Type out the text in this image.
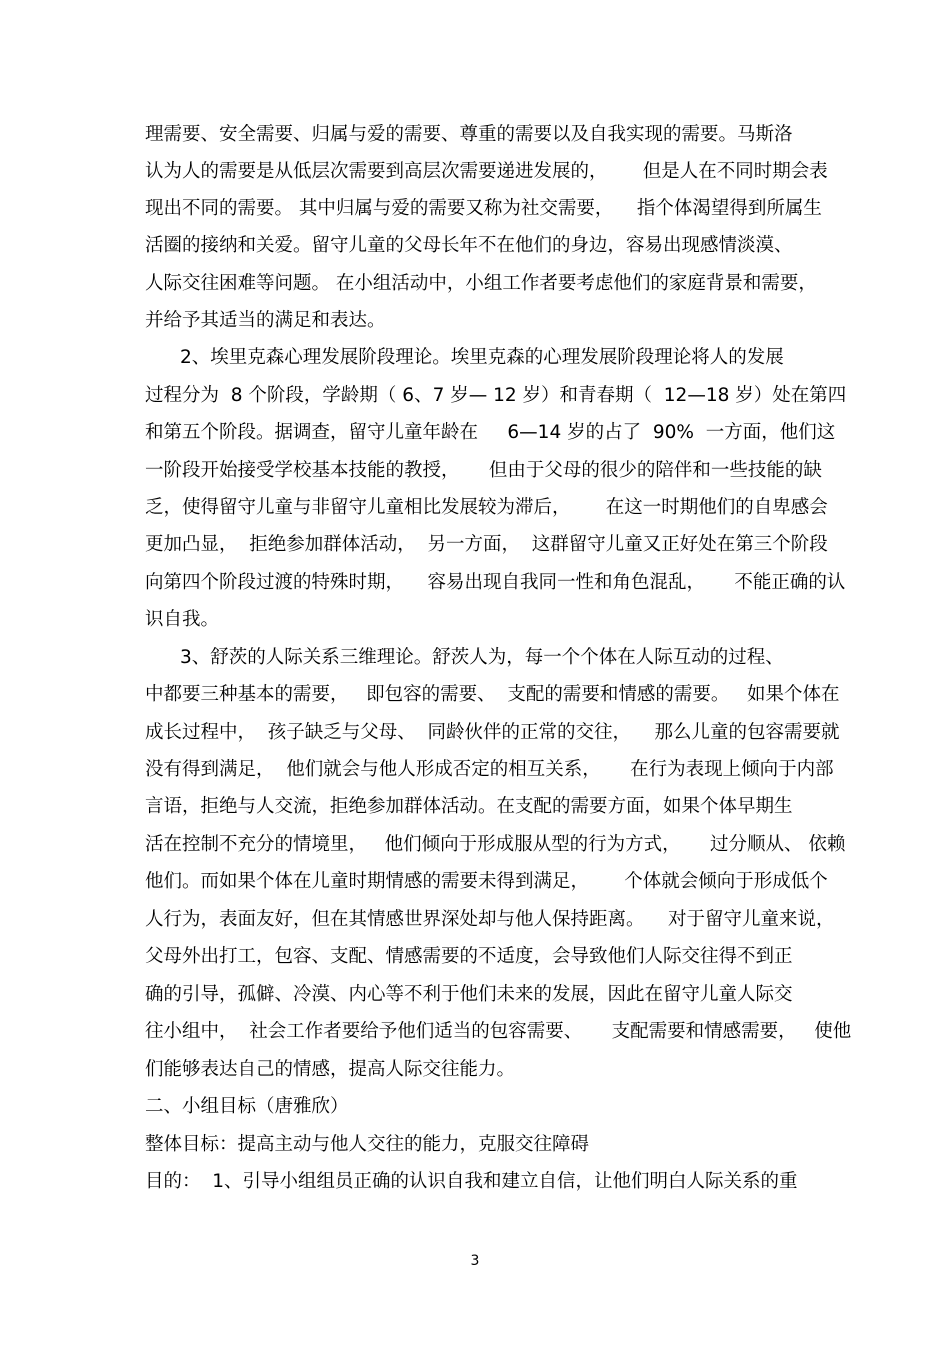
理需要、安全需要、归属与爱的需要、尊重的需要以及自我实现的需要。马斯洛
认为人的需要是从低层次需要到高层次需要递进发展的，      但是人在不同时期会表
现出不同的需要。 其中归属与爱的需要又称为社交需要，    指个体渴望得到所属生
活圈的接纳和关爱。留守儿童的父母长年不在他们的身边，容易出现感情淡漠、
人际交往困难等问题。 在小组活动中，小组工作者要考虑他们的家庭背景和需要，
并给予其适当的满足和表达。
2、埃里克森心理发展阶段理论。埃里克森的心理发展阶段理论将人的发展
过程分为  8 个阶段，学龄期（ 6、7 岁— 12 岁）和青春期（  12—18 岁）处在第四
和第五个阶段。据调查，留守儿童年龄在     6—14 岁的占了  90%  一方面，他们这
一阶段开始接受学校基本技能的教授，     但由于父母的很少的陪伴和一些技能的缺
乏，使得留守儿童与非留守儿童相比发展较为滞后，      在这一时期他们的自卑感会
更加凸显，  拒绝参加群体活动，  另一方面，  这群留守儿童又正好处在第三个阶段
向第四个阶段过渡的特殊时期，    容易出现自我同一性和角色混乱，     不能正确的认
识自我。
3、舒茨的人际关系三维理论。舒茨人为，每一个个体在人际互动的过程、
中都要三种基本的需要，   即包容的需要、  支配的需要和情感的需要。   如果个体在
成长过程中，  孩子缺乏与父母、  同龄伙伴的正常的交往，    那么儿童的包容需要就
没有得到满足，  他们就会与他人形成否定的相互关系，     在行为表现上倾向于内部
言语，拒绝与人交流，拒绝参加群体活动。在支配的需要方面，如果个体早期生
活在控制不充分的情境里，   他们倾向于形成服从型的行为方式，     过分顺从、 依赖
他们。而如果个体在儿童时期情感的需要未得到满足，      个体就会倾向于形成低个
人行为，表面友好，但在其情感世界深处却与他人保持距离。    对于留守儿童来说，
父母外出打工，包容、支配、情感需要的不适度，会导致他们人际交往得不到正
确的引导，孤僻、冷漠、内心等不利于他们未来的发展，因此在留守儿童人际交
往小组中，  社会工作者要给予他们适当的包容需要、     支配需要和情感需要，   使他
们能够表达自己的情感，提高人际交往能力。
二、小组目标（唐雅欣）
整体目标：提高主动与他人交往的能力，克服交往障碍
目的：  1、引导小组组员正确的认识自我和建立自信，让他们明白人际关系的重
3
